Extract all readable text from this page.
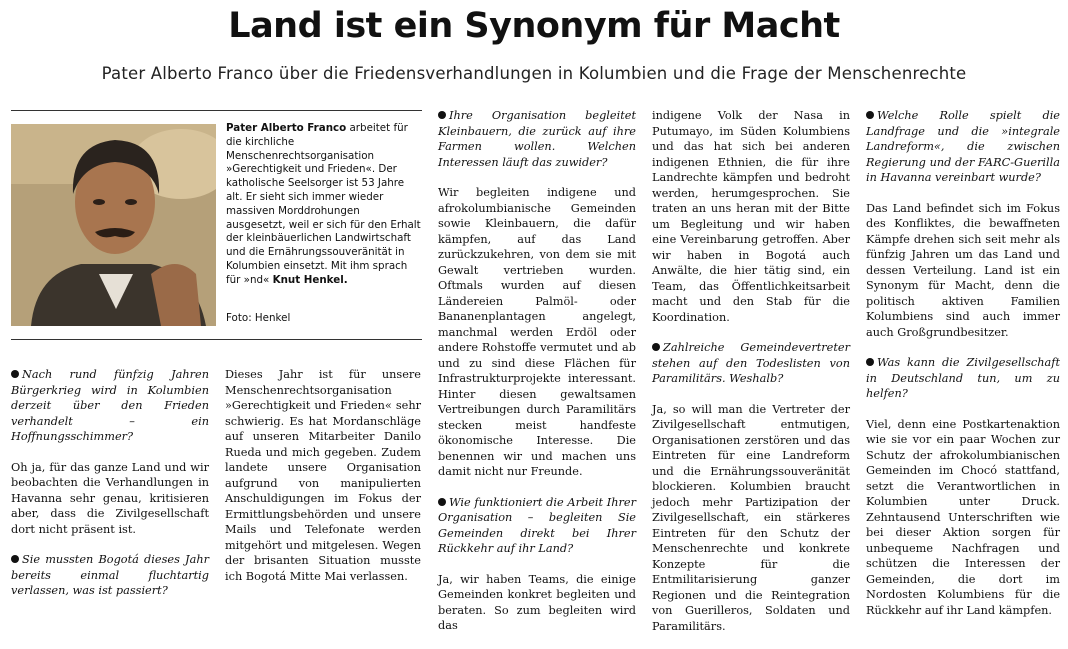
Land ist ein Synonym für Macht
Pater Alberto Franco über die Friedensverhandlungen in Kolumbien und die Frage der Menschenrechte
Pater Alberto Franco arbeitet für die kirchliche Menschenrechtsorganisation »Gerechtigkeit und Frieden«. Der katholische Seelsorger ist 53 Jahre alt. Er sieht sich immer wieder massiven Morddrohungen ausgesetzt, weil er sich für den Erhalt der kleinbäuerlichen Landwirtschaft und die Ernährungssouveränität in Kolumbien einsetzt. Mit ihm sprach für »nd« Knut Henkel.
Foto: Henkel

Nach rund fünfzig Jahren Bürgerkrieg wird in Kolumbien derzeit über den Frieden verhandelt – ein Hoffnungsschimmer?

Oh ja, für das ganze Land und wir beobachten die Verhandlungen in Havanna sehr genau, kritisieren aber, dass die Zivilgesellschaft dort nicht präsent ist.

Sie mussten Bogotá dieses Jahr bereits einmal fluchtartig verlassen, was ist passiert?

Dieses Jahr ist für unsere Menschenrechtsorganisation »Gerechtigkeit und Frieden« sehr schwierig. Es hat Mordanschläge auf unseren Mitarbeiter Danilo Rueda und mich gegeben. Zudem landete unsere Organisation aufgrund von manipulierten Anschuldigungen im Fokus der Ermittlungsbehörden und unsere Mails und Telefonate werden mitgehört und mitgelesen. Wegen der brisanten Situation musste ich Bogotá Mitte Mai verlassen.

Ihre Organisation begleitet Kleinbauern, die zurück auf ihre Farmen wollen. Welchen Interessen läuft das zuwider?

Wir begleiten indigene und afrokolumbianische Gemeinden sowie Kleinbauern, die dafür kämpfen, auf das Land zurückzukehren, von dem sie mit Gewalt vertrieben wurden. Oftmals wurden auf diesen Ländereien Palmöl- oder Bananenplantagen angelegt, manchmal werden Erdöl oder andere Rohstoffe vermutet und ab und zu sind diese Flächen für Infrastrukturprojekte interessant. Hinter diesen gewaltsamen Vertreibungen durch Paramilitärs stecken meist handfeste ökonomische Interesse. Die benennen wir und machen uns damit nicht nur Freunde.

Wie funktioniert die Arbeit Ihrer Organisation – begleiten Sie Gemeinden direkt bei Ihrer Rückkehr auf ihr Land?

Ja, wir haben Teams, die einige Gemeinden konkret begleiten und beraten. So zum begleiten wird das

indigene Volk der Nasa in Putumayo, im Süden Kolumbiens und das hat sich bei anderen indigenen Ethnien, die für ihre Landrechte kämpfen und bedroht werden, herumgesprochen. Sie traten an uns heran mit der Bitte um Begleitung und wir haben eine Vereinbarung getroffen. Aber wir haben in Bogotá auch Anwälte, die hier tätig sind, ein Team, das Öffentlichkeitsarbeit macht und den Stab für die Koordination.

Zahlreiche Gemeindevertreter stehen auf den Todeslisten von Paramilitärs. Weshalb?

Ja, so will man die Vertreter der Zivilgesellschaft entmutigen, Organisationen zerstören und das Eintreten für eine Landreform und die Ernährungssouveränität blockieren. Kolumbien braucht jedoch mehr Partizipation der Zivilgesellschaft, ein stärkeres Eintreten für den Schutz der Menschenrechte und konkrete Konzepte für die Entmilitarisierung ganzer Regionen und die Reintegration von Guerilleros, Soldaten und Paramilitärs.

Welche Rolle spielt die Landfrage und die »integrale Landreform«, die zwischen Regierung und der FARC-Guerilla in Havanna vereinbart wurde?

Das Land befindet sich im Fokus des Konfliktes, die bewaffneten Kämpfe drehen sich seit mehr als fünfzig Jahren um das Land und dessen Verteilung. Land ist ein Synonym für Macht, denn die politisch aktiven Familien Kolumbiens sind auch immer auch Großgrundbesitzer.

Was kann die Zivilgesellschaft in Deutschland tun, um zu helfen?

Viel, denn eine Postkartenaktion wie sie vor ein paar Wochen zur Schutz der afrokolumbianischen Gemeinden im Chocó stattfand, setzt die Verantwortlichen in Kolumbien unter Druck. Zehntausend Unterschriften wie bei dieser Aktion sorgen für unbequeme Nachfragen und schützen die Interessen der Gemeinden, die dort im Nordosten Kolumbiens für die Rückkehr auf ihr Land kämpfen.
